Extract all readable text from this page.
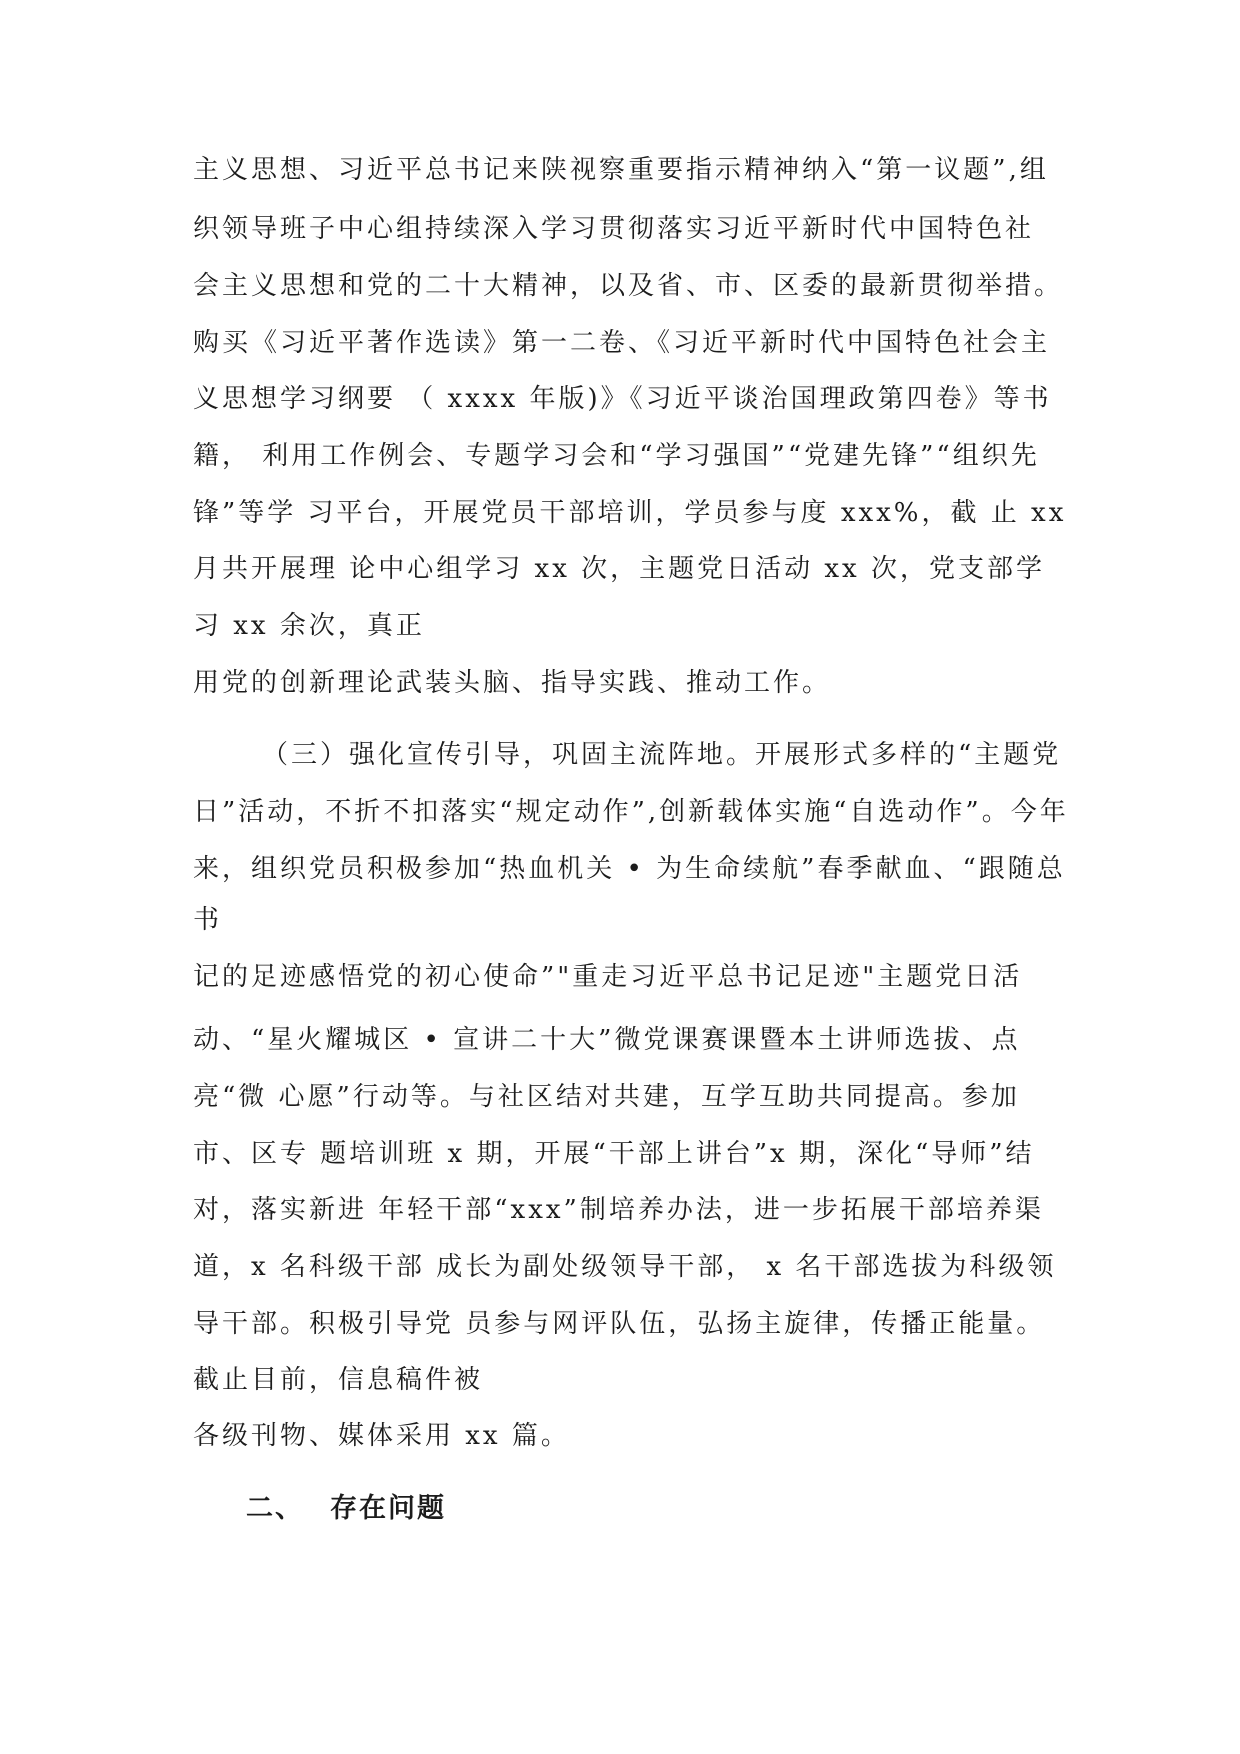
主义思想、习近平总书记来陕视察重要指示精神纳入“第一议题”,组

织领导班子中心组持续深入学习贯彻落实习近平新时代中国特色社

会主义思想和党的二十大精神，以及省、市、区委的最新贯彻举措。

购买《习近平著作选读》第一二卷、《习近平新时代中国特色社会主

义思想学习纲要 （ xxxx 年版)》《习近平谈治国理政第四卷》等书

籍， 利用工作例会、专题学习会和“学习强国”“党建先锋”“组织先

锋”等学 习平台，开展党员干部培训，学员参与度 xxx%，截 止 xx

月共开展理 论中心组学习 xx 次，主题党日活动 xx 次，党支部学

习 xx 余次，真正

用党的创新理论武装头脑、指导实践、推动工作。

（三）强化宣传引导，巩固主流阵地。开展形式多样的“主题党

日”活动，不折不扣落实“规定动作”,创新载体实施“自选动作”。今年

来，组织党员积极参加“热血机关 • 为生命续航”春季献血、“跟随总

书

记的足迹感悟党的初心使命”"重走习近平总书记足迹"主题党日活

动、“星火耀城区 • 宣讲二十大”微党课赛课暨本土讲师选拔、点

亮“微 心愿”行动等。与社区结对共建，互学互助共同提高。参加

市、区专 题培训班 x 期，开展“干部上讲台”x 期，深化“导师”结

对，落实新进 年轻干部“xxx”制培养办法，进一步拓展干部培养渠

道，x 名科级干部 成长为副处级领导干部， x 名干部选拔为科级领

导干部。积极引导党 员参与网评队伍，弘扬主旋律，传播正能量。

截止目前，信息稿件被

各级刊物、媒体采用 xx 篇。

二、 存在问题
